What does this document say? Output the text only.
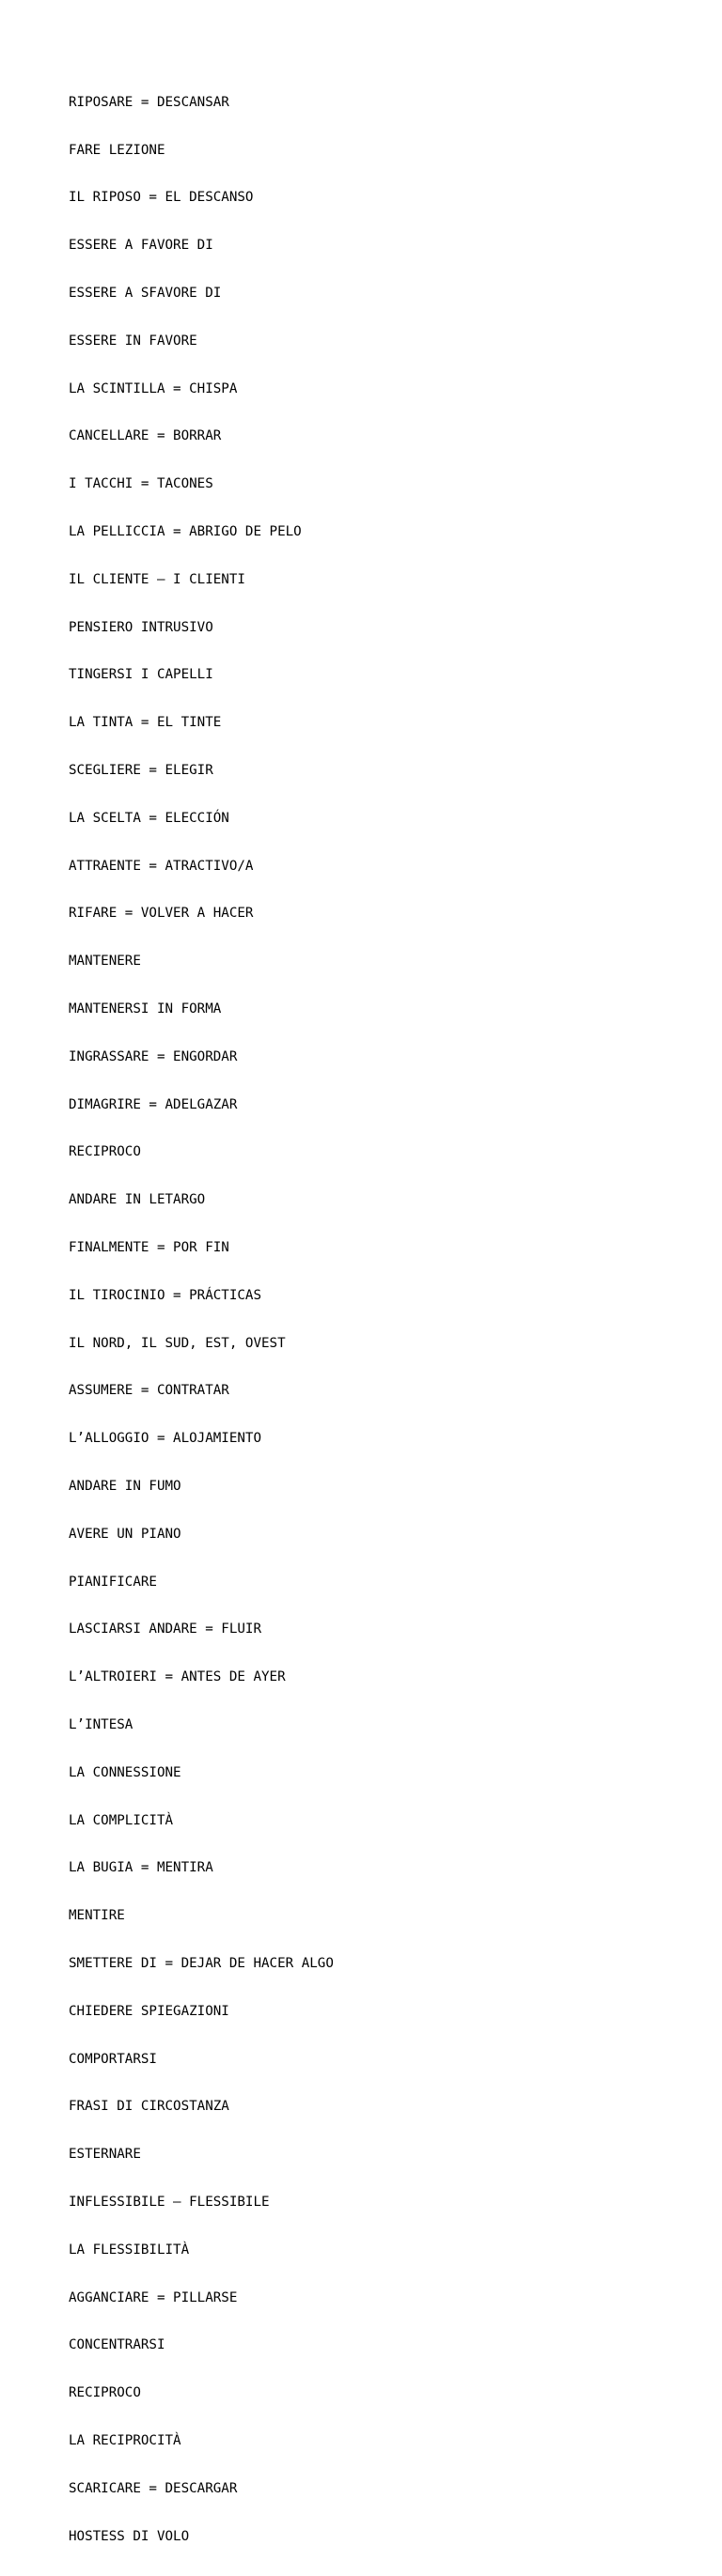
RIPOSARE = DESCANSAR

FARE LEZIONE

IL RIPOSO = EL DESCANSO

ESSERE A FAVORE DI

ESSERE A SFAVORE DI

ESSERE IN FAVORE

LA SCINTILLA = CHISPA

CANCELLARE = BORRAR

I TACCHI = TACONES

LA PELLICCIA = ABRIGO DE PELO

IL CLIENTE – I CLIENTI

PENSIERO INTRUSIVO

TINGERSI I CAPELLI

LA TINTA = EL TINTE

SCEGLIERE = ELEGIR

LA SCELTA = ELECCIÓN

ATTRAENTE = ATRACTIVO/A

RIFARE = VOLVER A HACER

MANTENERE

MANTENERSI IN FORMA

INGRASSARE = ENGORDAR

DIMAGRIRE = ADELGAZAR

RECIPROCO

ANDARE IN LETARGO

FINALMENTE = POR FIN

IL TIROCINIO = PRÁCTICAS

IL NORD, IL SUD, EST, OVEST

ASSUMERE = CONTRATAR

L’ALLOGGIO = ALOJAMIENTO

ANDARE IN FUMO

AVERE UN PIANO

PIANIFICARE

LASCIARSI ANDARE = FLUIR

L’ALTROIERI = ANTES DE AYER

L’INTESA

LA CONNESSIONE

LA COMPLICITÀ

LA BUGIA = MENTIRA

MENTIRE

SMETTERE DI = DEJAR DE HACER ALGO

CHIEDERE SPIEGAZIONI

COMPORTARSI

FRASI DI CIRCOSTANZA

ESTERNARE

INFLESSIBILE – FLESSIBILE

LA FLESSIBILITÀ

AGGANCIARE = PILLARSE

CONCENTRARSI

RECIPROCO

LA RECIPROCITÀ

SCARICARE = DESCARGAR

HOSTESS DI VOLO
